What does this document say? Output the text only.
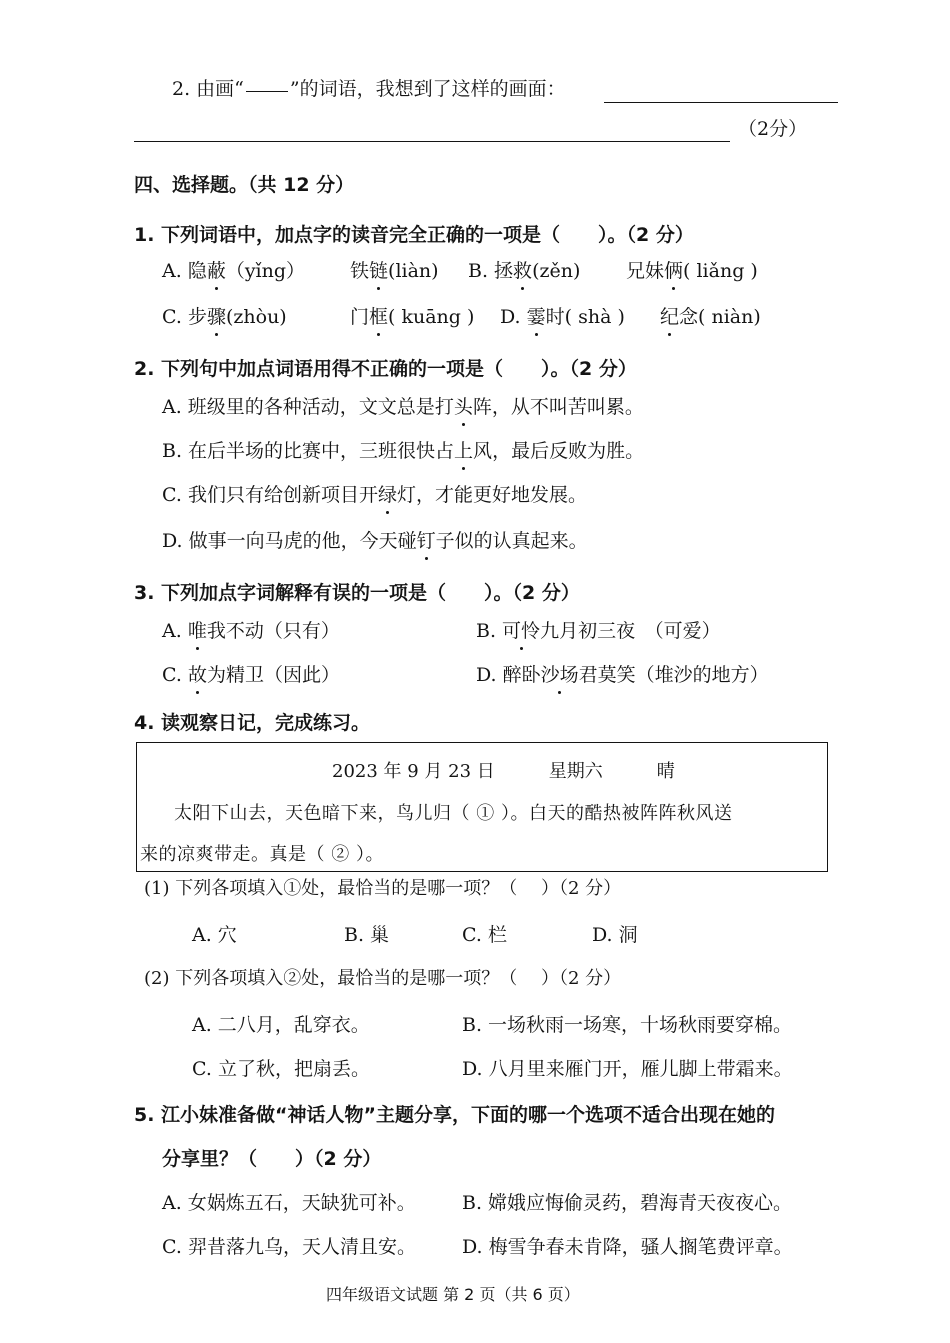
2. 由画“ ”的词语，我想到了这样的画面：
（2分）
四、选择题。（共 12 分）
1. 下列词语中，加点字的读音完全正确的一项是（　　）。（2 分）
A. 隐蔽（yǐng） 铁链(liàn) B. 拯救(zěn) 兄妹俩( liǎng )
C. 步骤(zhòu)	门框( kuāng ) D. 霎时( shà ) 纪念( niàn)
2. 下列句中加点词语用得不正确的一项是（　　）。（2 分）
A. 班级里的各种活动，文文总是打头阵，从不叫苦叫累。
B. 在后半场的比赛中，三班很快占上风，最后反败为胜。
C. 我们只有给创新项目开绿灯，才能更好地发展。
D. 做事一向马虎的他，今天碰钉子似的认真起来。
3. 下列加点字词解释有误的一项是（　　）。（2 分）
A. 唯我不动（只有）	B. 可怜九月初三夜　（可爱）
C. 故为精卫（因此）	D. 醉卧沙场君莫笑（堆沙的地方）
4. 读观察日记，完成练习。
2023 年 9 月 23 日　　　星期六　　　晴
太阳下山去，天色暗下来，鸟儿归（ ① ）。白天的酷热被阵阵秋风送
来的凉爽带走。真是（ ② ）。
(1) 下列各项填入①处，最恰当的是哪一项？（　 ）（2 分）
A. 穴	B. 巢	C. 栏	D. 洞
(2) 下列各项填入②处，最恰当的是哪一项？（　 ）（2 分）
A. 二八月，乱穿衣。	B. 一场秋雨一场寒，十场秋雨要穿棉。
C. 立了秋，把扇丢。	D. 八月里来雁门开，雁儿脚上带霜来。
5. 江小妹准备做“神话人物”主题分享，下面的哪一个选项不适合出现在她的
分享里？（　　）（2 分）
A. 女娲炼五石，天缺犹可补。 B. 嫦娥应悔偷灵药，碧海青天夜夜心。
C. 羿昔落九乌，天人清且安。 D. 梅雪争春未肯降，骚人搁笔费评章。
四年级语文试题 第 2 页（共 6 页）
